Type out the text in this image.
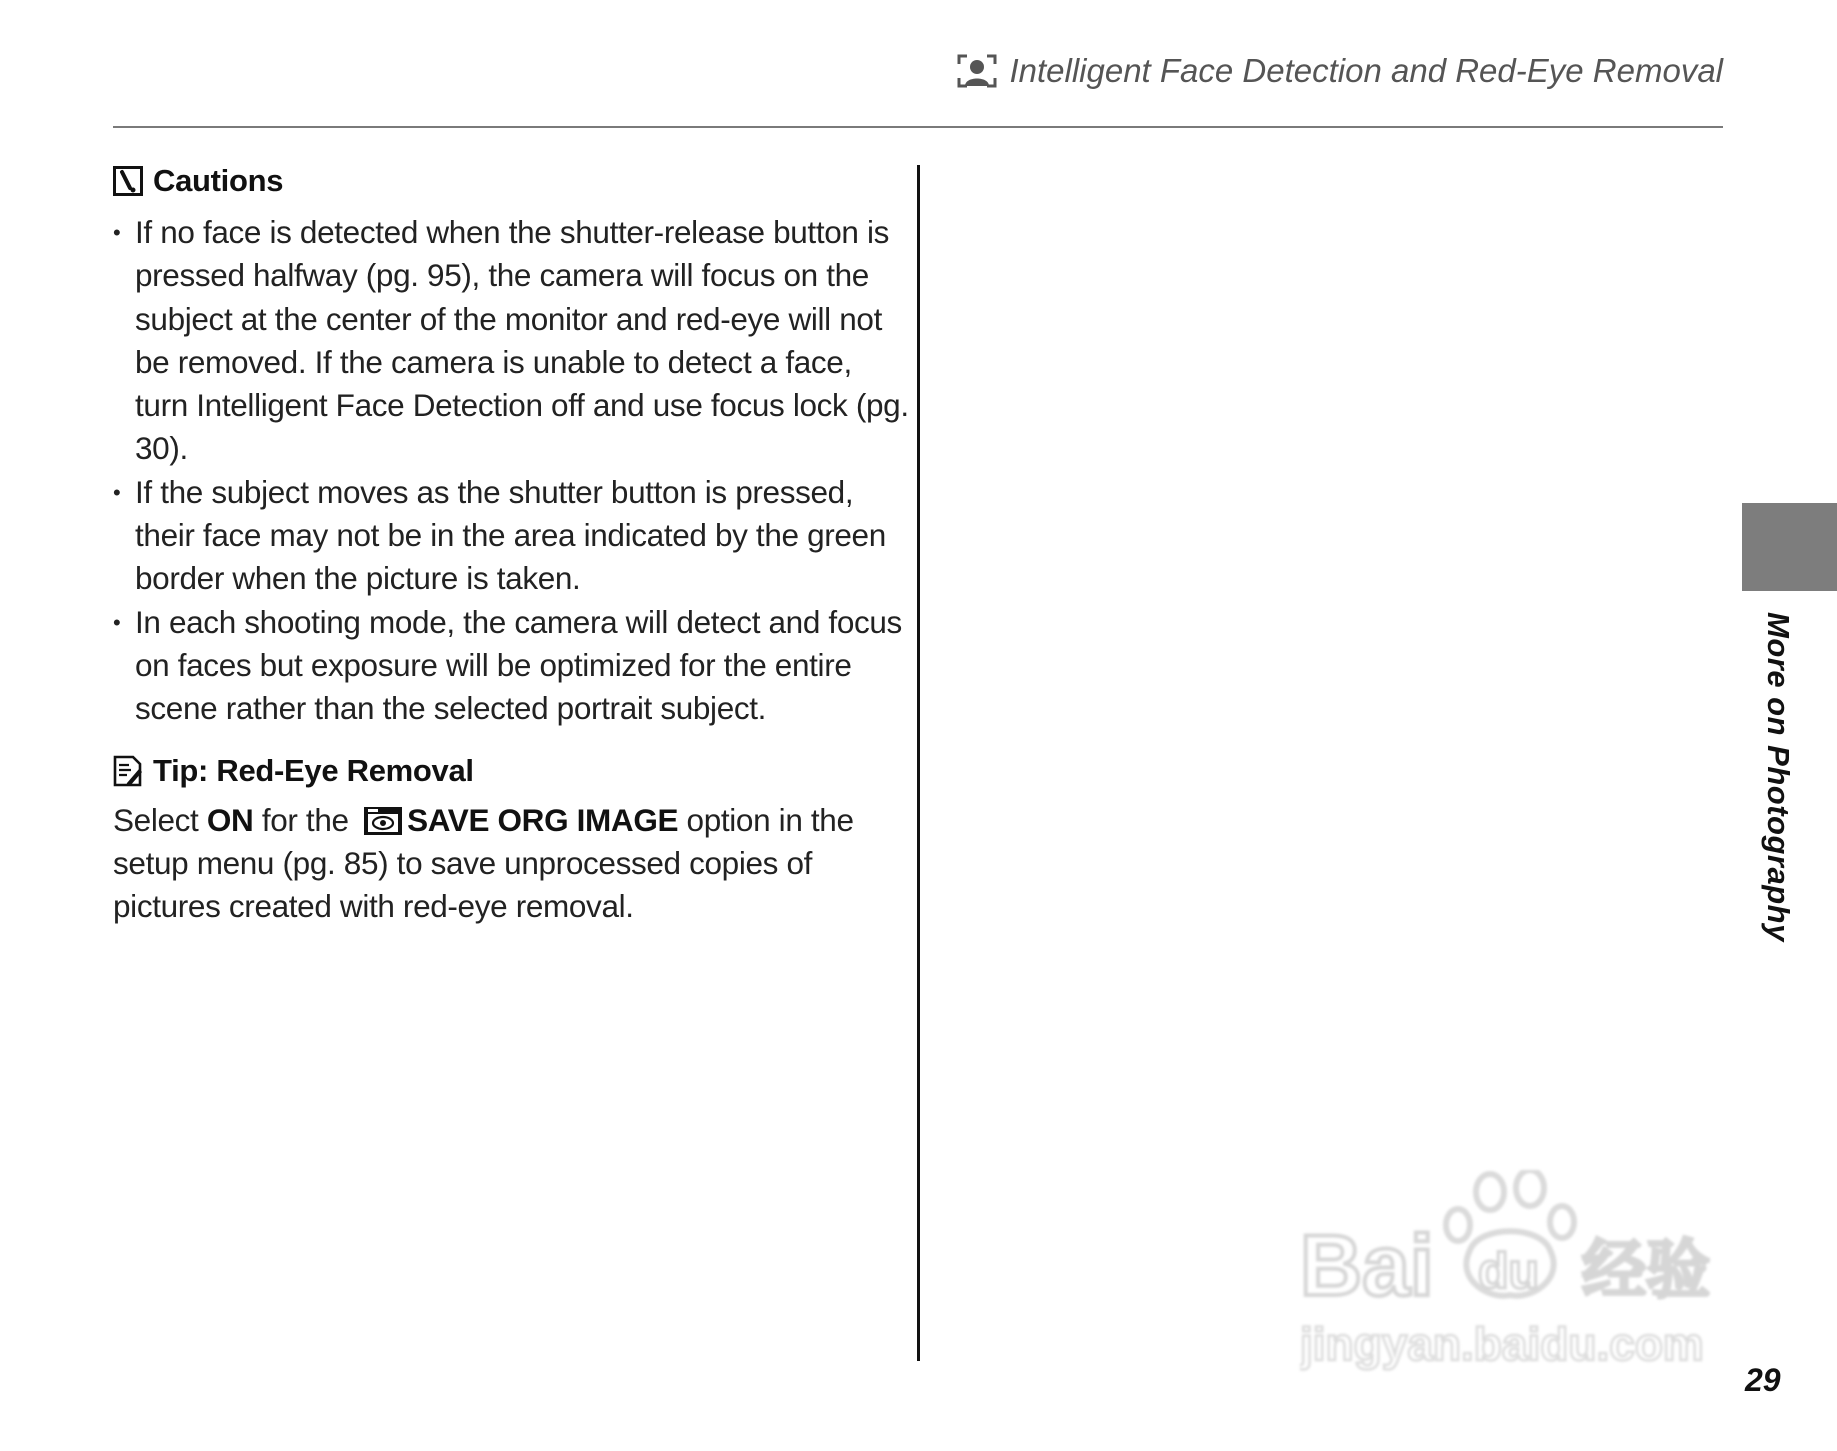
Intelligent Face Detection and Red-Eye Removal
Cautions
• If no face is detected when the shutter-release button is pressed halfway (pg. 95), the camera will focus on the subject at the center of the monitor and red-eye will not be removed. If the camera is unable to detect a face, turn Intelligent Face Detection off and use focus lock (pg. 30).
• If the subject moves as the shutter button is pressed, their face may not be in the area indicated by the green border when the picture is taken.
• In each shooting mode, the camera will detect and focus on faces but exposure will be optimized for the entire scene rather than the selected portrait subject.
Tip: Red-Eye Removal

Select ON for the SAVE ORG IMAGE option in the setup menu (pg. 85) to save unprocessed copies of pictures created with red-eye removal.	More on Photography
29
Bai du 经验
jingyan.baidu.com
